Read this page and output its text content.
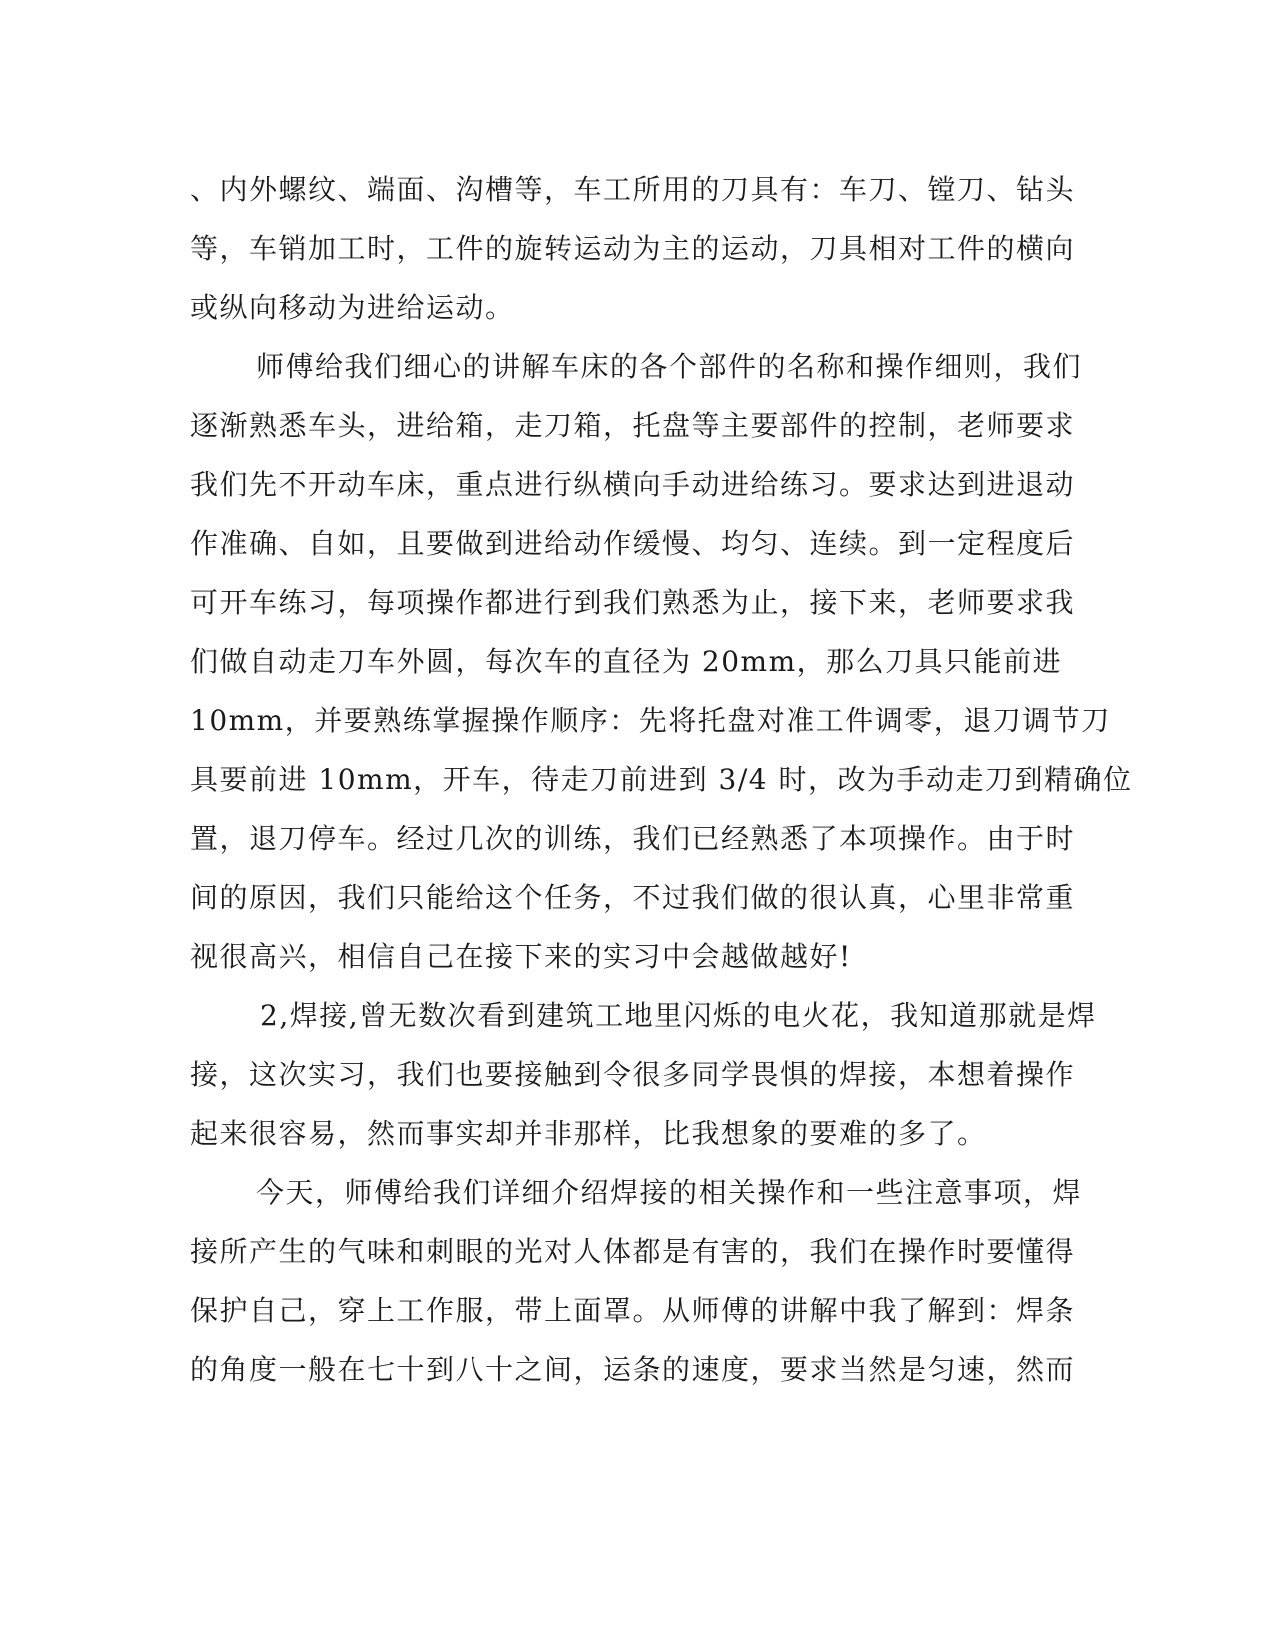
、内外螺纹、端面、沟槽等，车工所用的刀具有：车刀、镗刀、钻头
等，车销加工时，工件的旋转运动为主的运动，刀具相对工件的横向
或纵向移动为进给运动。
师傅给我们细心的讲解车床的各个部件的名称和操作细则，我们
逐渐熟悉车头，进给箱，走刀箱，托盘等主要部件的控制，老师要求
我们先不开动车床，重点进行纵横向手动进给练习。要求达到进退动
作准确、自如，且要做到进给动作缓慢、均匀、连续。到一定程度后
可开车练习，每项操作都进行到我们熟悉为止，接下来，老师要求我
们做自动走刀车外圆，每次车的直径为 20mm，那么刀具只能前进
10mm，并要熟练掌握操作顺序：先将托盘对准工件调零，退刀调节刀
具要前进 10mm，开车，待走刀前进到 3/4 时，改为手动走刀到精确位
置，退刀停车。经过几次的训练，我们已经熟悉了本项操作。由于时
间的原因，我们只能给这个任务，不过我们做的很认真，心里非常重
视很高兴，相信自己在接下来的实习中会越做越好!
2,焊接,曾无数次看到建筑工地里闪烁的电火花，我知道那就是焊
接，这次实习，我们也要接触到令很多同学畏惧的焊接，本想着操作
起来很容易，然而事实却并非那样，比我想象的要难的多了。
今天，师傅给我们详细介绍焊接的相关操作和一些注意事项，焊
接所产生的气味和刺眼的光对人体都是有害的，我们在操作时要懂得
保护自己，穿上工作服，带上面罩。从师傅的讲解中我了解到：焊条
的角度一般在七十到八十之间，运条的速度，要求当然是匀速，然而
